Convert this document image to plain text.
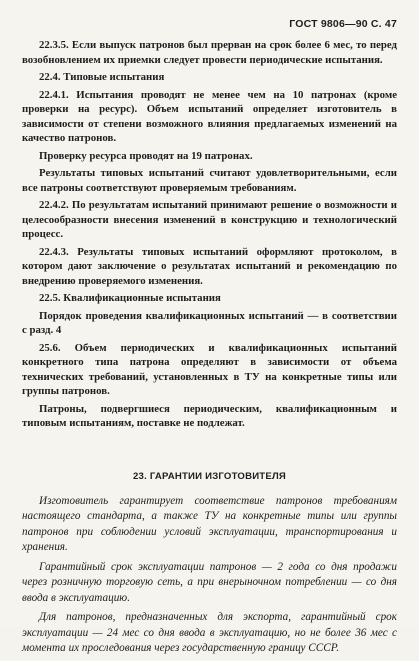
ГОСТ 9806—90 С. 47

22.3.5. Если выпуск патронов был прерван на срок более 6 мес, то перед возобновлением их приемки следует провести периодические испытания.

22.4. Типовые испытания

22.4.1. Испытания проводят не менее чем на 10 патронах (кроме проверки на ресурс). Объем испытаний определяет изготовитель в зависимости от степени возможного влияния предлагаемых изменений на качество патронов.

Проверку ресурса проводят на 19 патронах.

Результаты типовых испытаний считают удовлетворительными, если все патроны соответствуют проверяемым требованиям.

22.4.2. По результатам испытаний принимают решение о возможности и целесообразности внесения изменений в конструкцию и технологический процесс.

22.4.3. Результаты типовых испытаний оформляют протоколом, в котором дают заключение о результатах испытаний и рекомендацию по внедрению проверяемого изменения.

22.5. Квалификационные испытания

Порядок проведения квалификационных испытаний — в соответствии с разд. 4

25.6. Объем периодических и квалификационных испытаний конкретного типа патрона определяют в зависимости от объема технических требований, установленных в ТУ на конкретные типы или группы патронов.

Патроны, подвергшиеся периодическим, квалификационным и типовым испытаниям, поставке не подлежат.

23. ГАРАНТИИ ИЗГОТОВИТЕЛЯ

Изготовитель гарантирует соответствие патронов требованиям настоящего стандарта, а также ТУ на конкретные типы или группы патронов при соблюдении условий эксплуатации, транспортирования и хранения.

Гарантийный срок эксплуатации патронов — 2 года со дня продажи через розничную торговую сеть, а при внерыночном потреблении — со дня ввода в эксплуатацию.

Для патронов, предназначенных для экспорта, гарантийный срок эксплуатации — 24 мес со дня ввода в эксплуатацию, но не более 36 мес с момента их проследования через государственную границу СССР.
